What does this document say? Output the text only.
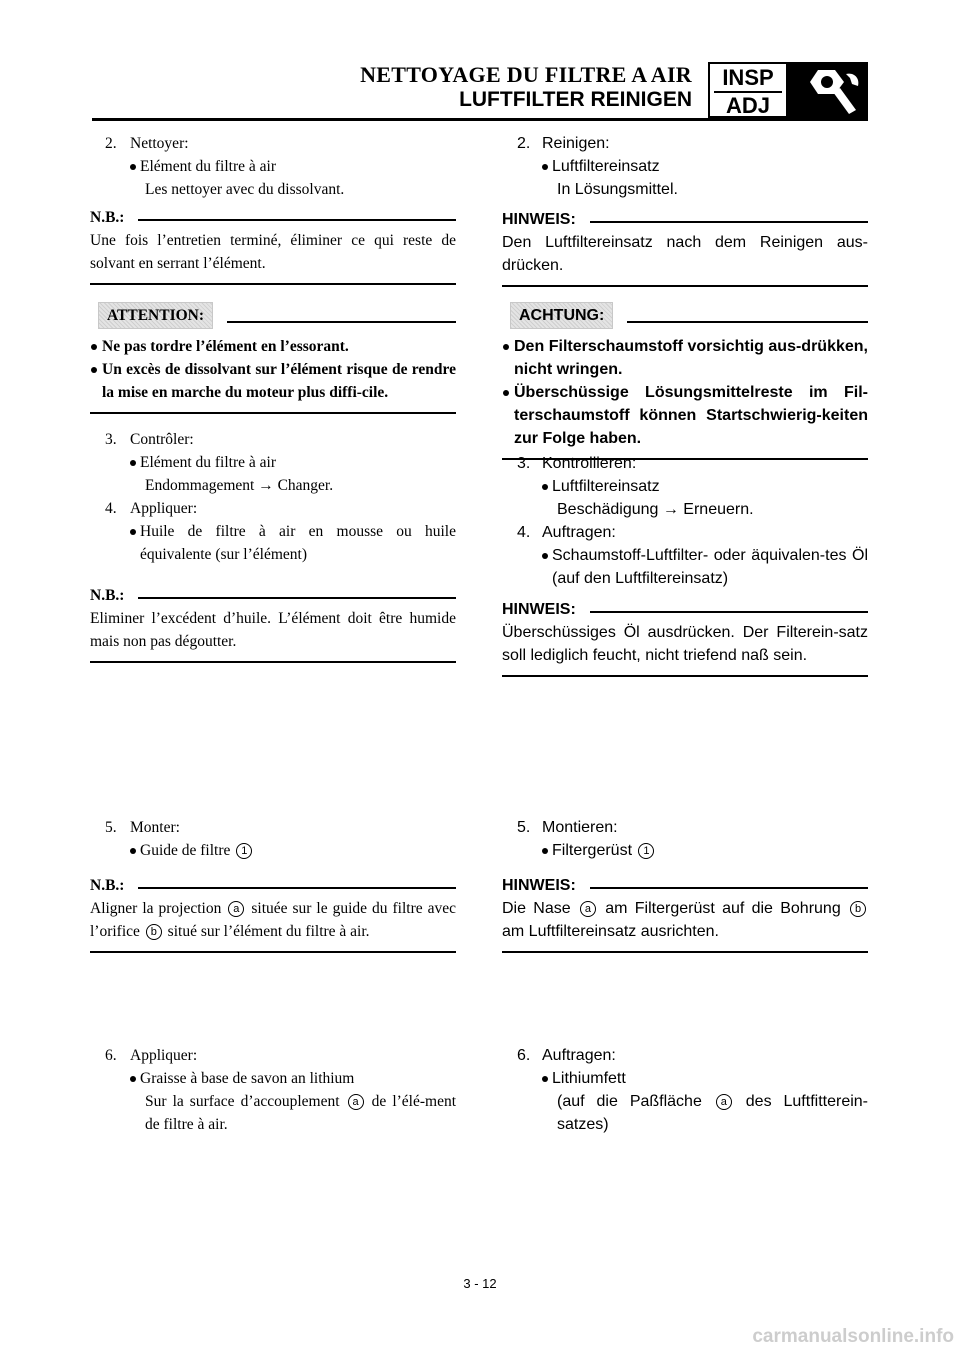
NETTOYAGE DU FILTRE A AIR
LUFTFILTER REINIGEN
INSP
ADJ
2. Nettoyer:
Elément du filtre à air
Les nettoyer avec du dissolvant.
N.B.:
Une fois l’entretien terminé, éliminer ce qui reste de solvant en serrant l’élément.
ATTENTION:
Ne pas tordre l’élément en l’essorant.
Un excès de dissolvant sur l’élément risque de rendre la mise en marche du moteur plus diffi-cile.
3. Contrôler:
Elément du filtre à air
Endommagement → Changer.
4. Appliquer:
Huile de filtre à air en mousse ou huile équivalente (sur l’élément)
N.B.:
Eliminer l’excédent d’huile. L’élément doit être humide mais non pas dégoutter.
5. Monter:
Guide de filtre 1
N.B.:
Aligner la projection a située sur le guide du filtre avec l’orifice b situé sur l’élément du filtre à air.
6. Appliquer:
Graisse à base de savon an lithium
Sur la surface d’accouplement a de l’élé-ment de filtre à air.
2. Reinigen:
Luftfiltereinsatz
In Lösungsmittel.
HINWEIS:
Den Luftfiltereinsatz nach dem Reinigen aus-drücken.
ACHTUNG:
Den Filterschaumstoff vorsichtig aus-drükken, nicht wringen.
Überschüssige Lösungsmittelreste im Fil-terschaumstoff können Startschwierig-keiten zur Folge haben.
3. Kontrollieren:
Luftfiltereinsatz
Beschädigung → Erneuern.
4. Auftragen:
Schaumstoff-Luftfilter- oder äquivalen-tes Öl (auf den Luftfiltereinsatz)
HINWEIS:
Überschüssiges Öl ausdrücken. Der Filterein-satz soll lediglich feucht, nicht triefend naß sein.
5. Montieren:
Filtergerüst 1
HINWEIS:
Die Nase a am Filtergerüst auf die Bohrung b am Luftfiltereinsatz ausrichten.
6. Auftragen:
Lithiumfett
(auf die Paßfläche a des Luftfitterein-satzes)
3 - 12
carmanualsonline.info
